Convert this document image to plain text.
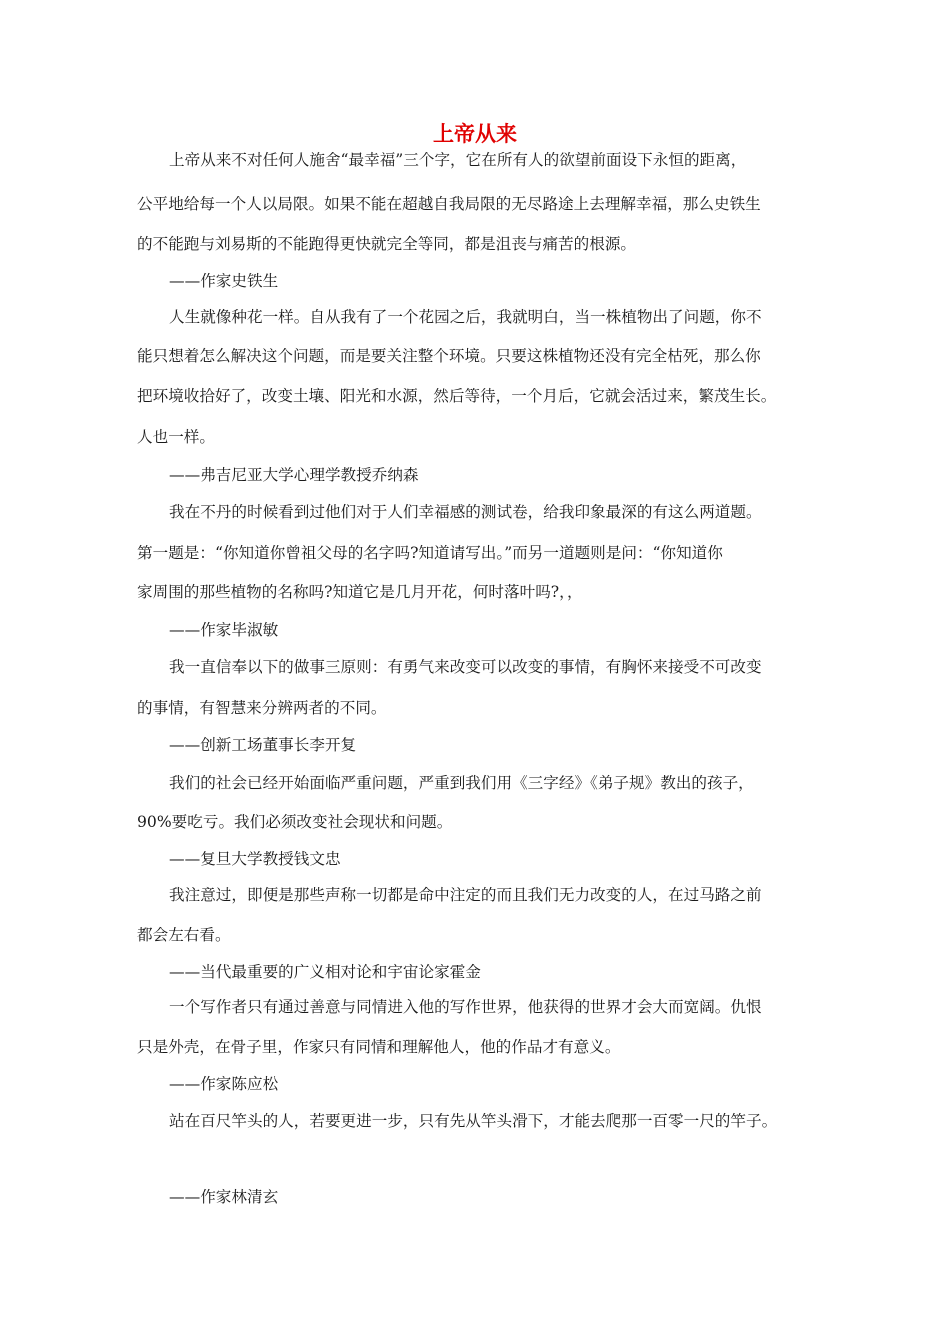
上帝从来
上帝从来不对任何人施舍“最幸福”三个字，它在所有人的欲望前面设下永恒的距离，
公平地给每一个人以局限。如果不能在超越自我局限的无尽路途上去理解幸福，那么史铁生
的不能跑与刘易斯的不能跑得更快就完全等同，都是沮丧与痛苦的根源。
——作家史铁生
人生就像种花一样。自从我有了一个花园之后，我就明白，当一株植物出了问题，你不
能只想着怎么解决这个问题，而是要关注整个环境。只要这株植物还没有完全枯死，那么你
把环境收拾好了，改变土壤、阳光和水源，然后等待，一个月后，它就会活过来，繁茂生长。
人也一样。
——弗吉尼亚大学心理学教授乔纳森
我在不丹的时候看到过他们对于人们幸福感的测试卷，给我印象最深的有这么两道题。
第一题是：“你知道你曾祖父母的名字吗?知道请写出。”而另一道题则是问：“你知道你
家周围的那些植物的名称吗?知道它是几月开花，何时落叶吗?，，
——作家毕淑敏
我一直信奉以下的做事三原则：有勇气来改变可以改变的事情，有胸怀来接受不可改变
的事情，有智慧来分辨两者的不同。
——创新工场董事长李开复
我们的社会已经开始面临严重问题，严重到我们用《三字经》《弟子规》教出的孩子，
90%要吃亏。我们必须改变社会现状和问题。
——复旦大学教授钱文忠
我注意过，即便是那些声称一切都是命中注定的而且我们无力改变的人，在过马路之前
都会左右看。
——当代最重要的广义相对论和宇宙论家霍金
一个写作者只有通过善意与同情进入他的写作世界，他获得的世界才会大而宽阔。仇恨
只是外壳，在骨子里，作家只有同情和理解他人，他的作品才有意义。
——作家陈应松
站在百尺竿头的人，若要更进一步，只有先从竿头滑下，才能去爬那一百零一尺的竿子。
——作家林清玄
